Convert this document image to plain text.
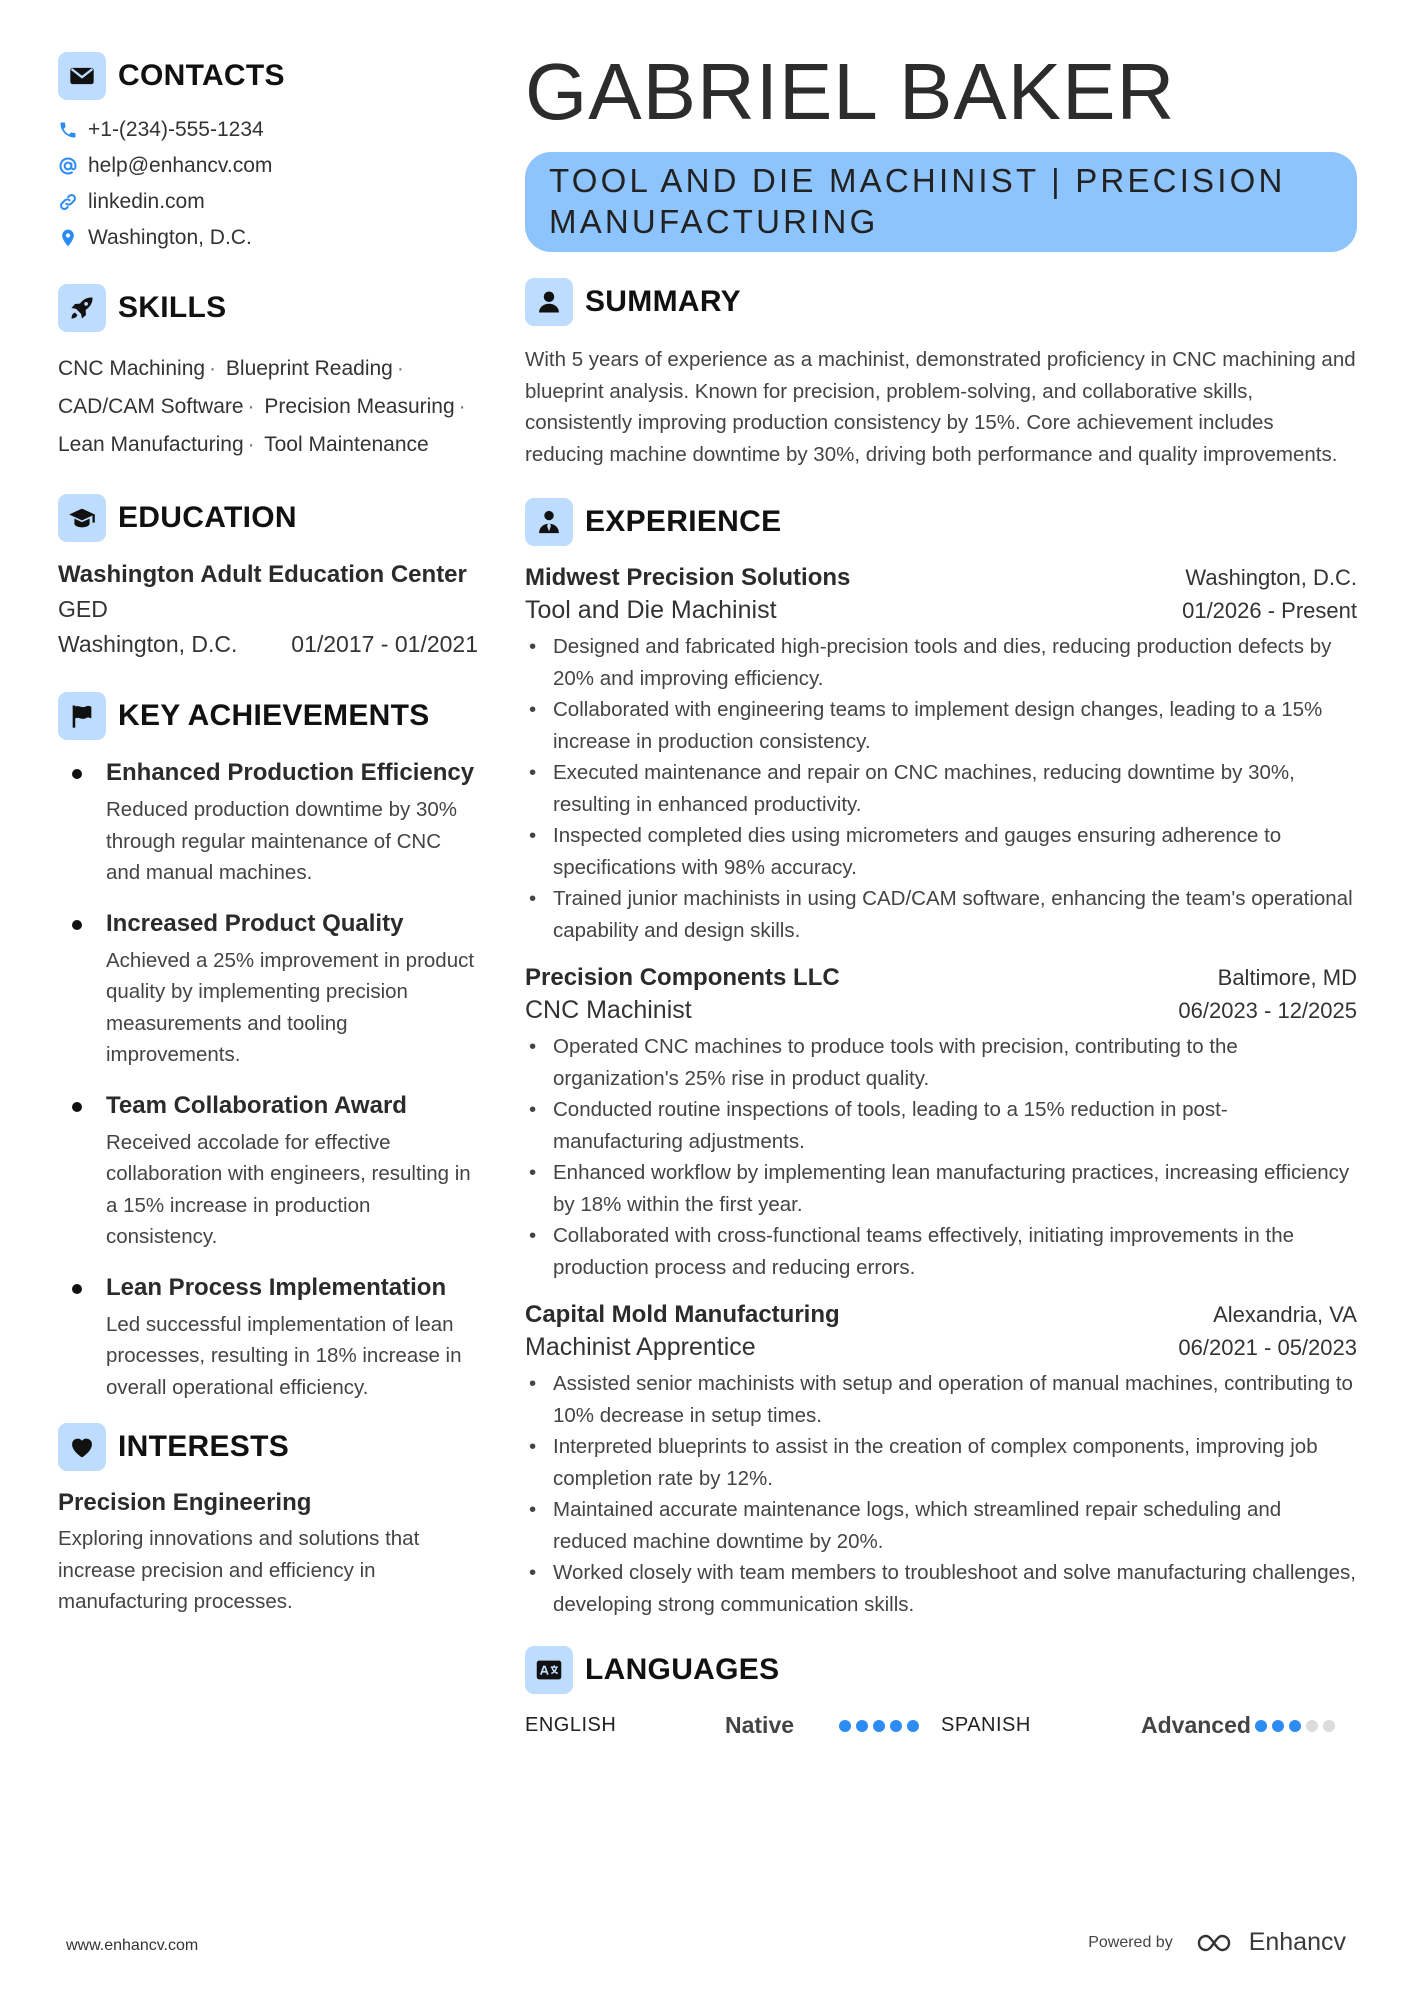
CONTACTS
+1-(234)-555-1234
help@enhancv.com
linkedin.com
Washington, D.C.
SKILLS
CNC Machining · Blueprint Reading ·
CAD/CAM Software · Precision Measuring ·
Lean Manufacturing · Tool Maintenance
EDUCATION
Washington Adult Education Center
GED
Washington, D.C. 01/2017 - 01/2021
KEY ACHIEVEMENTS
Enhanced Production Efficiency
Reduced production downtime by 30% through regular maintenance of CNC and manual machines.
Increased Product Quality
Achieved a 25% improvement in product quality by implementing precision measurements and tooling improvements.
Team Collaboration Award
Received accolade for effective collaboration with engineers, resulting in a 15% increase in production consistency.
Lean Process Implementation
Led successful implementation of lean processes, resulting in 18% increase in overall operational efficiency.
INTERESTS
Precision Engineering
Exploring innovations and solutions that increase precision and efficiency in manufacturing processes.
GABRIEL BAKER
TOOL AND DIE MACHINIST | PRECISION MANUFACTURING
SUMMARY
With 5 years of experience as a machinist, demonstrated proficiency in CNC machining and blueprint analysis. Known for precision, problem-solving, and collaborative skills, consistently improving production consistency by 15%. Core achievement includes reducing machine downtime by 30%, driving both performance and quality improvements.
EXPERIENCE
Midwest Precision Solutions	Washington, D.C.
Tool and Die Machinist	01/2026 - Present
• Designed and fabricated high-precision tools and dies, reducing production defects by 20% and improving efficiency.
• Collaborated with engineering teams to implement design changes, leading to a 15% increase in production consistency.
• Executed maintenance and repair on CNC machines, reducing downtime by 30%, resulting in enhanced productivity.
• Inspected completed dies using micrometers and gauges ensuring adherence to specifications with 98% accuracy.
• Trained junior machinists in using CAD/CAM software, enhancing the team's operational capability and design skills.
Precision Components LLC	Baltimore, MD
CNC Machinist	06/2023 - 12/2025
• Operated CNC machines to produce tools with precision, contributing to the organization's 25% rise in product quality.
• Conducted routine inspections of tools, leading to a 15% reduction in post-manufacturing adjustments.
• Enhanced workflow by implementing lean manufacturing practices, increasing efficiency by 18% within the first year.
• Collaborated with cross-functional teams effectively, initiating improvements in the production process and reducing errors.
Capital Mold Manufacturing	Alexandria, VA
Machinist Apprentice	06/2021 - 05/2023
• Assisted senior machinists with setup and operation of manual machines, contributing to 10% decrease in setup times.
• Interpreted blueprints to assist in the creation of complex components, improving job completion rate by 12%.
• Maintained accurate maintenance logs, which streamlined repair scheduling and reduced machine downtime by 20%.
• Worked closely with team members to troubleshoot and solve manufacturing challenges, developing strong communication skills.
LANGUAGES
ENGLISH	Native	SPANISH	Advanced
www.enhancv.com	Powered by	Enhancv
